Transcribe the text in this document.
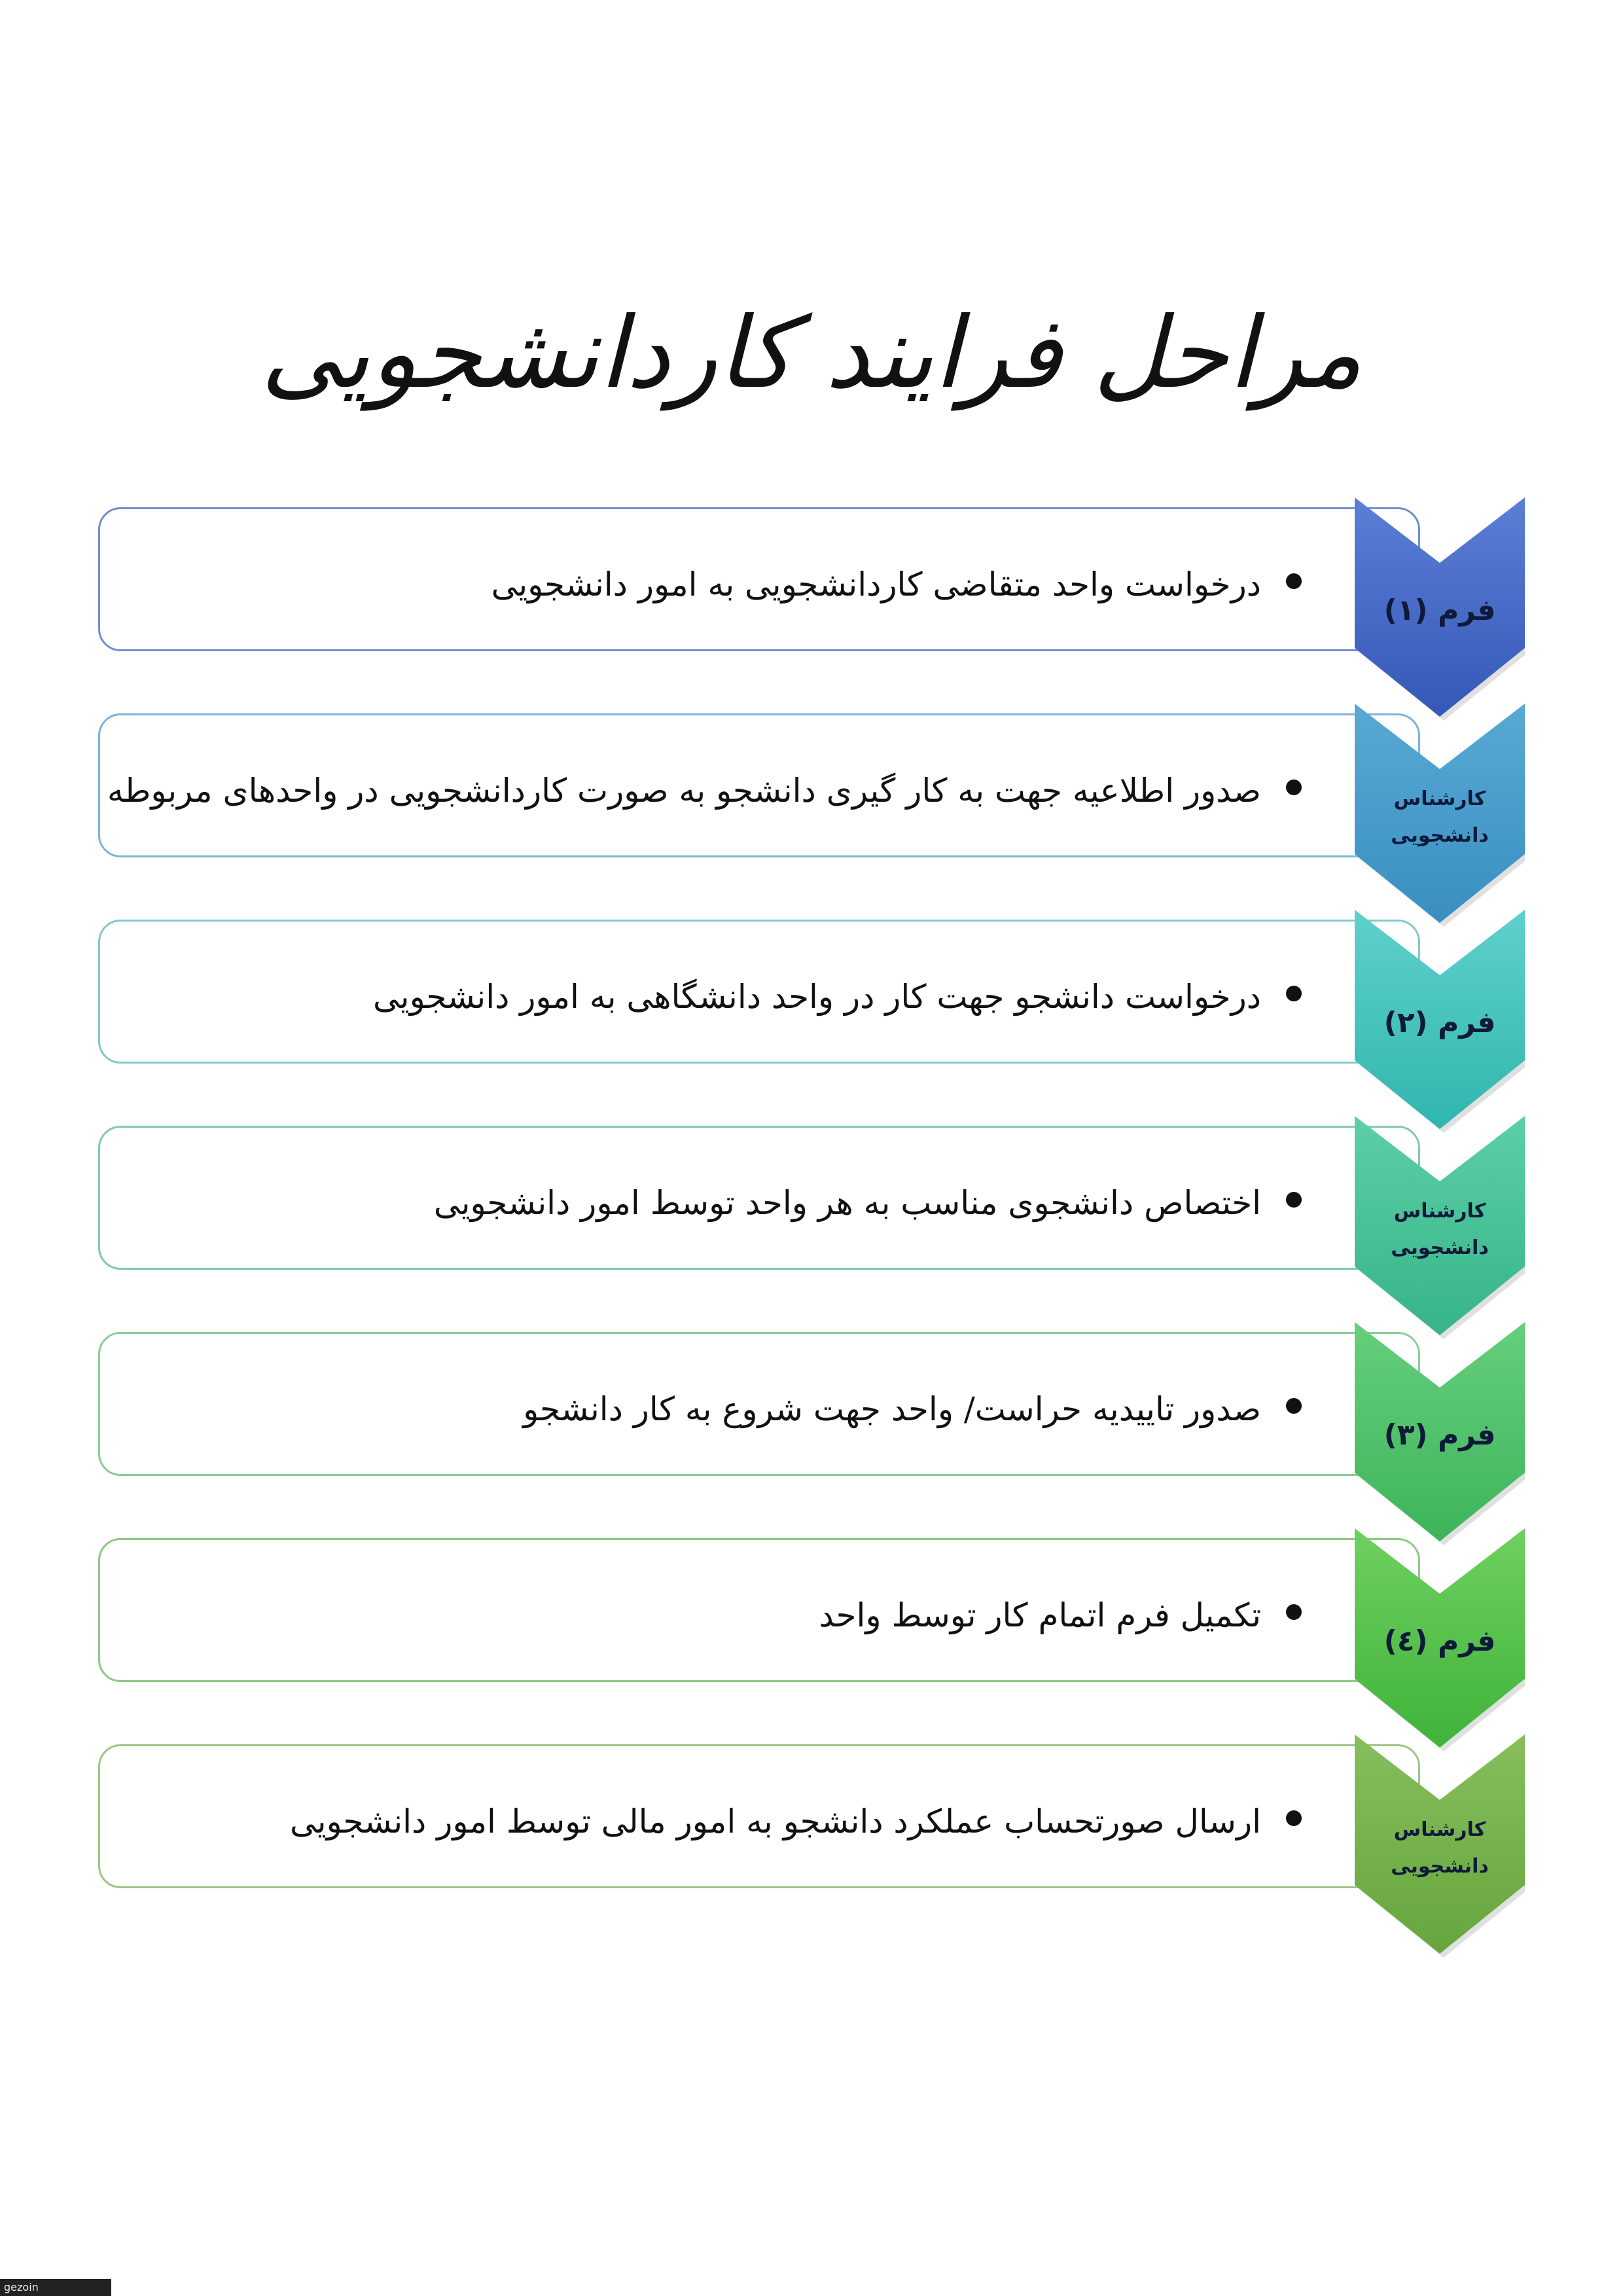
مراحل فرایند کاردانشجویی
درخواست واحد متقاضی کاردانشجویی به امور دانشجویی
فرم (۱)
صدور اطلاعیه جهت به کار گیری دانشجو به صورت کاردانشجویی در واحدهای مربوطه	کارشناس دانشجویی
درخواست دانشجو جهت کار در واحد دانشگاهی به امور دانشجویی
فرم (۲)
اختصاص دانشجوی مناسب به هر واحد توسط امور دانشجویی	کارشناس دانشجویی
صدور تاییدیه حراست/ واحد جهت شروع به کار دانشجو
فرم (۳)
تکمیل فرم اتمام کار توسط واحد
فرم (٤)
ارسال صورتحساب عملکرد دانشجو به امور مالی توسط امور دانشجویی	کارشناس دانشجویی
gezoin
